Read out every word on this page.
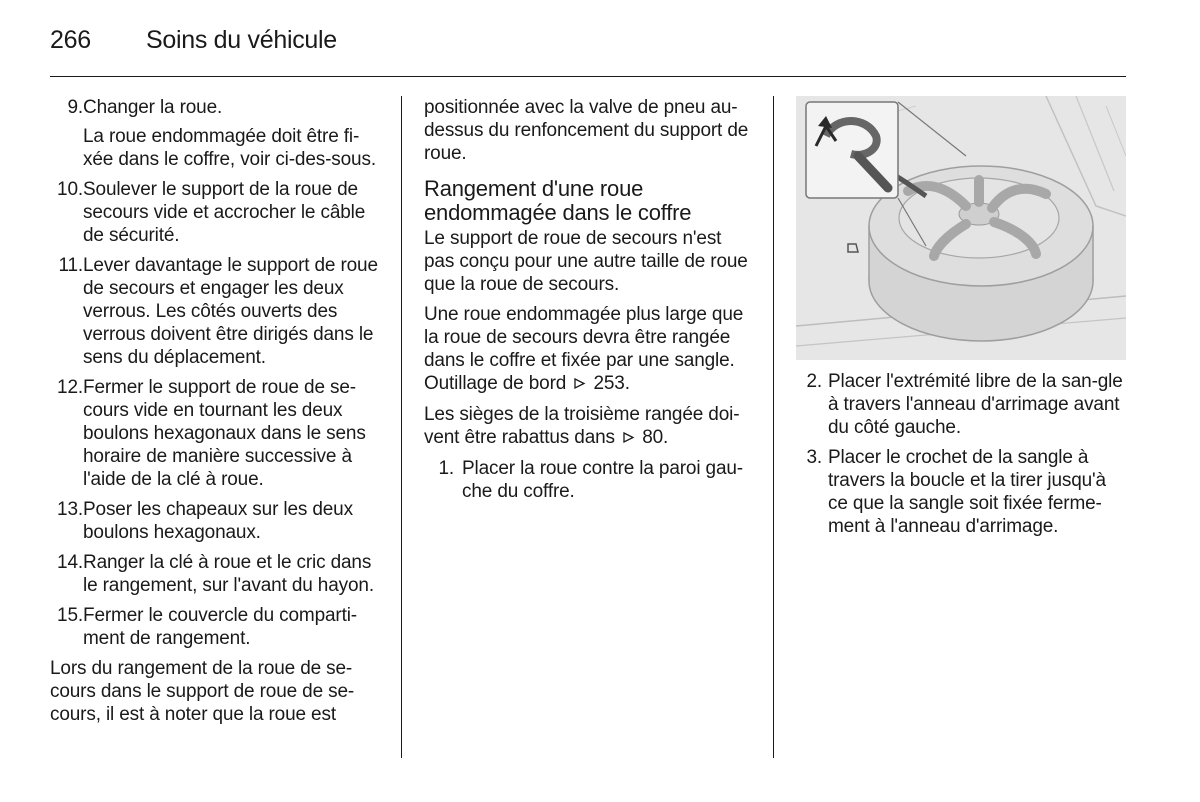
266 Soins du véhicule
9. Changer la roue.
La roue endommagée doit être fi-xée dans le coffre, voir ci-des-sous.
10. Soulever le support de la roue de secours vide et accrocher le câble de sécurité.
11. Lever davantage le support de roue de secours et engager les deux verrous. Les côtés ouverts des verrous doivent être dirigés dans le sens du déplacement.
12. Fermer le support de roue de se-cours vide en tournant les deux boulons hexagonaux dans le sens horaire de manière successive à l'aide de la clé à roue.
13. Poser les chapeaux sur les deux boulons hexagonaux.
14. Ranger la clé à roue et le cric dans le rangement, sur l'avant du hayon.
15. Fermer le couvercle du comparti-ment de rangement.

Lors du rangement de la roue de se-cours dans le support de roue de se-cours, il est à noter que la roue est

positionnée avec la valve de pneu au-dessus du renfoncement du support de roue.

Rangement d'une roue endommagée dans le coffre

Le support de roue de secours n'est pas conçu pour une autre taille de roue que la roue de secours.

Une roue endommagée plus large que la roue de secours devra être rangée dans le coffre et fixée par une sangle. Outillage de bord 253.

Les sièges de la troisième rangée doi-vent être rabattus dans 80.

1. Placer la roue contre la paroi gau-che du coffre.
2. Placer l'extrémité libre de la san-gle à travers l'anneau d'arrimage avant du côté gauche.
3. Placer le crochet de la sangle à travers la boucle et la tirer jusqu'à ce que la sangle soit fixée ferme-ment à l'anneau d'arrimage.
